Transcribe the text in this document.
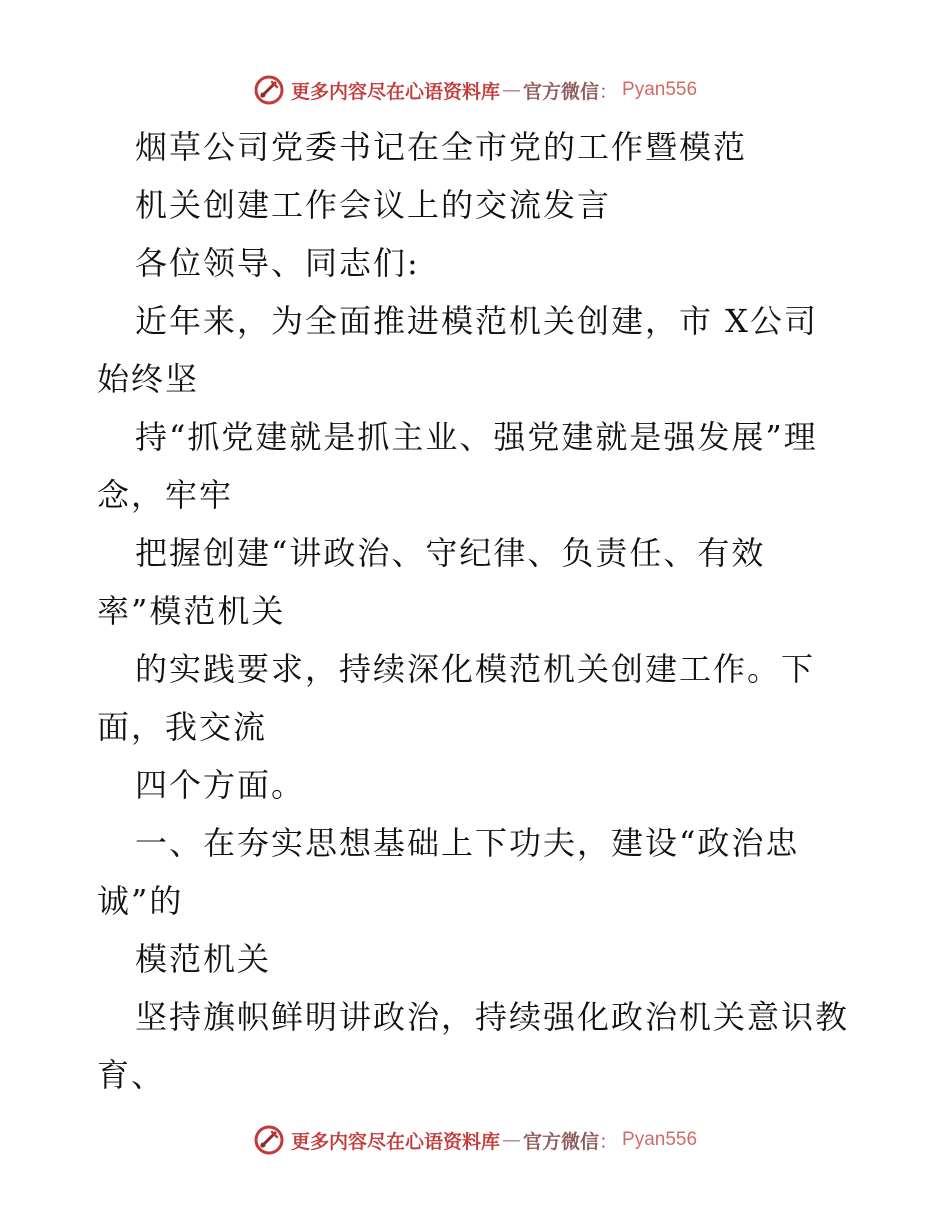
更多内容尽在心语资料库 — 官方微信 ： Pyan556
烟草公司党委书记在全市党的工作暨模范
机关创建工作会议上的交流发言
各位领导、同志们:
近年来，为全面推进模范机关创建，市 X公司
始终坚
持“抓党建就是抓主业、强党建就是强发展”理
念，牢牢
把握创建“讲政治、守纪律、负责任、有效
率”模范机关
的实践要求，持续深化模范机关创建工作。下
面，我交流
四个方面。
一、在夯实思想基础上下功夫，建设“政治忠
诚”的
模范机关
坚持旗帜鲜明讲政治，持续强化政治机关意识教
育、
更多内容尽在心语资料库 — 官方微信 ： Pyan556
